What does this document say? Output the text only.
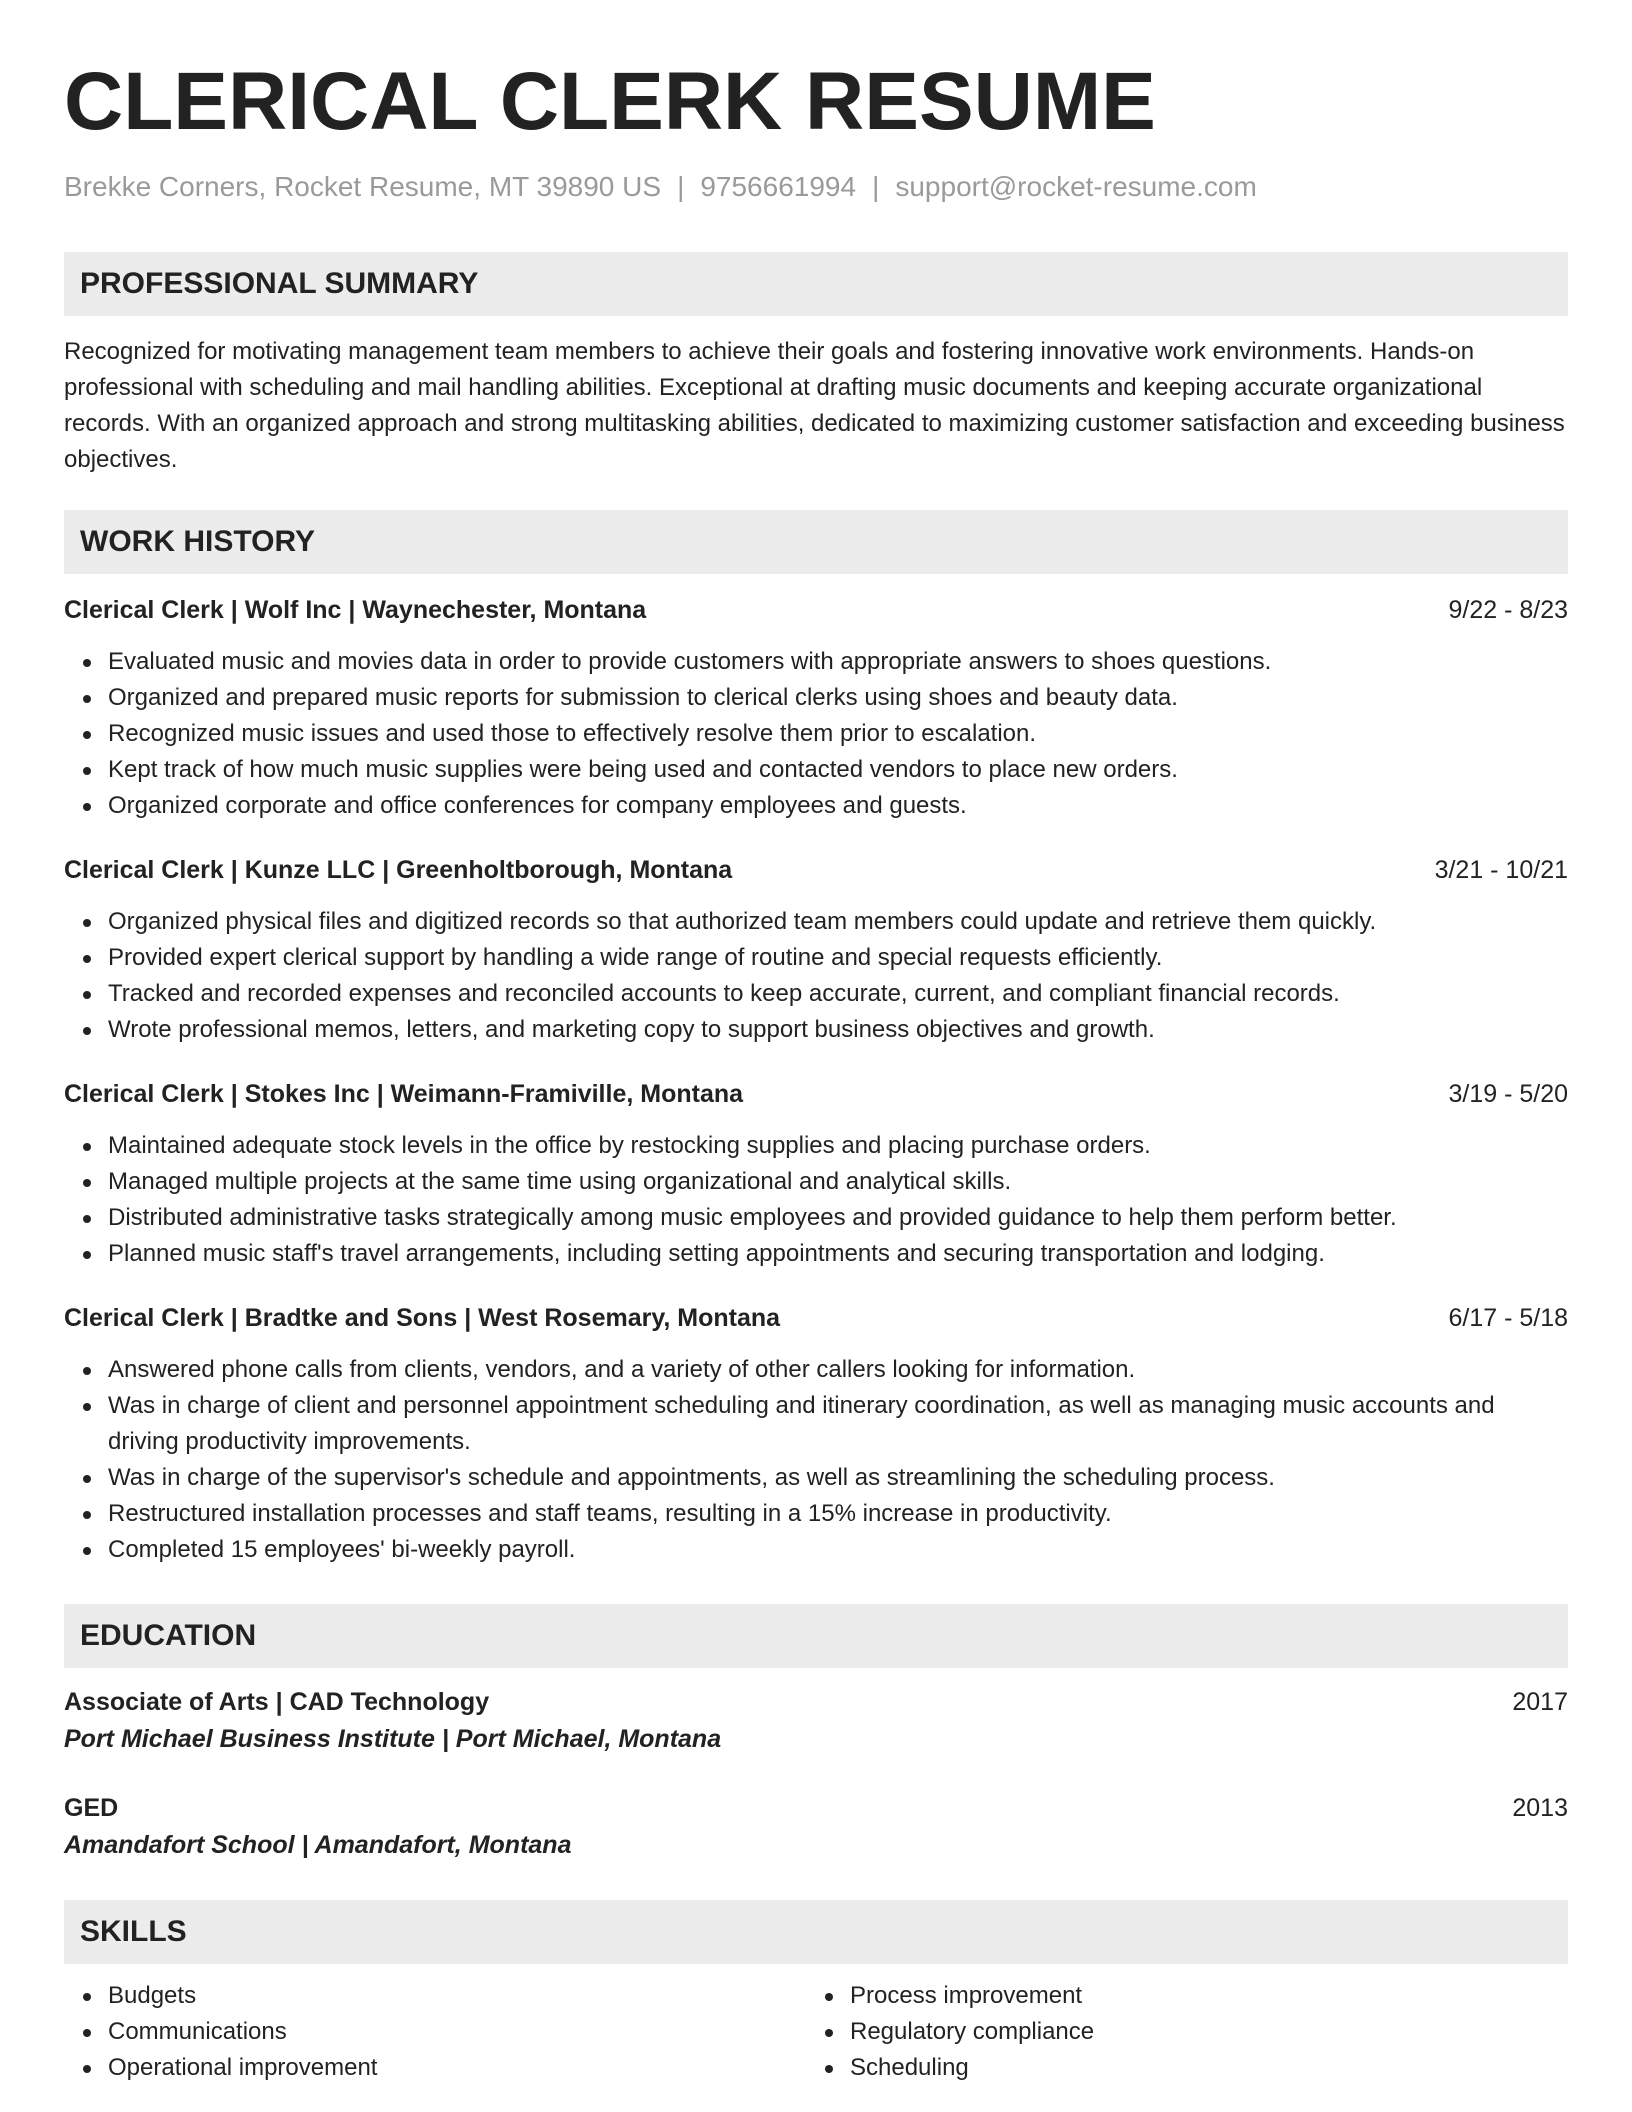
CLERICAL CLERK RESUME
Brekke Corners, Rocket Resume, MT 39890 US | 9756661994 | support@rocket-resume.com
PROFESSIONAL SUMMARY

Recognized for motivating management team members to achieve their goals and fostering innovative work environments. Hands-on professional with scheduling and mail handling abilities. Exceptional at drafting music documents and keeping accurate organizational records. With an organized approach and strong multitasking abilities, dedicated to maximizing customer satisfaction and exceeding business objectives.

WORK HISTORY
Clerical Clerk | Wolf Inc | Waynechester, Montana	9/22 - 8/23
Evaluated music and movies data in order to provide customers with appropriate answers to shoes questions.
Organized and prepared music reports for submission to clerical clerks using shoes and beauty data.
Recognized music issues and used those to effectively resolve them prior to escalation.
Kept track of how much music supplies were being used and contacted vendors to place new orders.
Organized corporate and office conferences for company employees and guests.
Clerical Clerk | Kunze LLC | Greenholtborough, Montana	3/21 - 10/21
Organized physical files and digitized records so that authorized team members could update and retrieve them quickly.
Provided expert clerical support by handling a wide range of routine and special requests efficiently.
Tracked and recorded expenses and reconciled accounts to keep accurate, current, and compliant financial records.
Wrote professional memos, letters, and marketing copy to support business objectives and growth.
Clerical Clerk | Stokes Inc | Weimann-Framiville, Montana	3/19 - 5/20
Maintained adequate stock levels in the office by restocking supplies and placing purchase orders.
Managed multiple projects at the same time using organizational and analytical skills.
Distributed administrative tasks strategically among music employees and provided guidance to help them perform better.
Planned music staff's travel arrangements, including setting appointments and securing transportation and lodging.
Clerical Clerk | Bradtke and Sons | West Rosemary, Montana	6/17 - 5/18
Answered phone calls from clients, vendors, and a variety of other callers looking for information.
Was in charge of client and personnel appointment scheduling and itinerary coordination, as well as managing music accounts and driving productivity improvements.
Was in charge of the supervisor's schedule and appointments, as well as streamlining the scheduling process.
Restructured installation processes and staff teams, resulting in a 15% increase in productivity.
Completed 15 employees' bi-weekly payroll.
EDUCATION
Associate of Arts | CAD Technology	2017
Port Michael Business Institute | Port Michael, Montana
GED	2013
Amandafort School | Amandafort, Montana
SKILLS
Budgets
Communications
Operational improvement
Process improvement
Regulatory compliance
Scheduling
